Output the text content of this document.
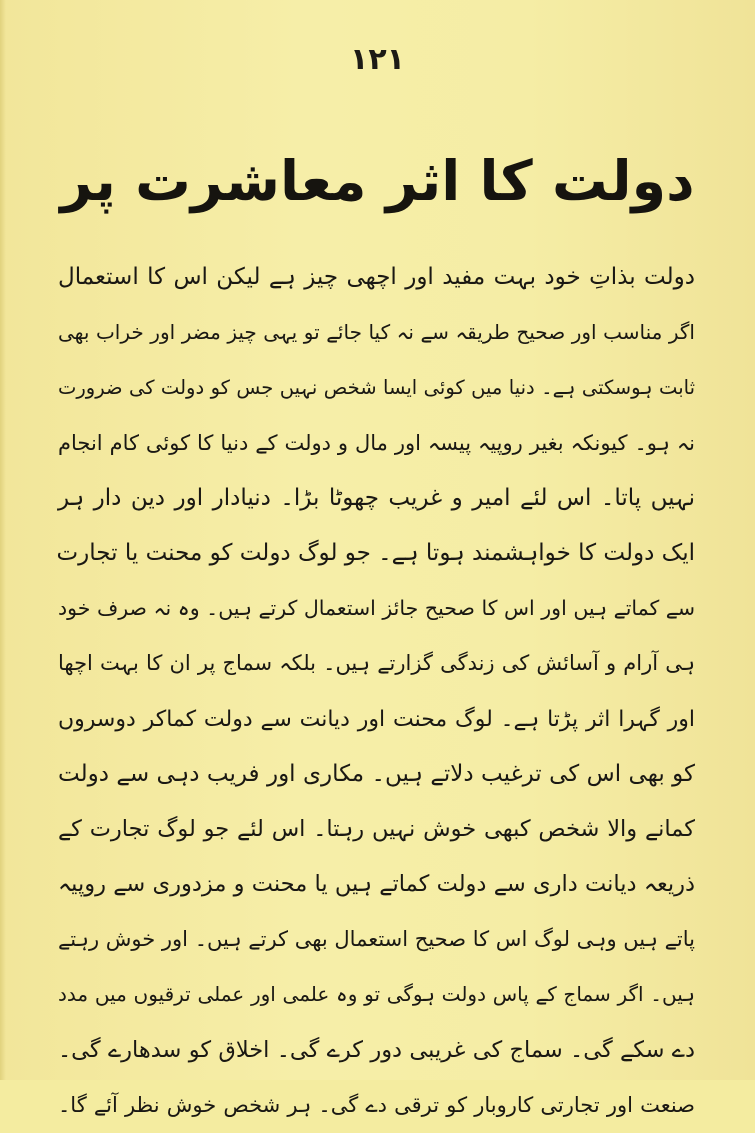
۱۲۱
دولت کا اثر معاشرت پر
دولت بذاتِ خود بہت مفید اور اچھی چیز ہے لیکن اس کا استعمال
اگر مناسب اور صحیح طریقہ سے نہ کیا جائے تو یہی چیز مضر اور خراب بھی
ثابت ہوسکتی ہے۔ دنیا میں کوئی ایسا شخص نہیں جس کو دولت کی ضرورت
نہ ہو۔ کیونکہ بغیر روپیہ پیسہ اور مال و دولت کے دنیا کا کوئی کام انجام
نہیں پاتا۔ اس لئے امیر و غریب چھوٹا بڑا۔ دنیادار اور دین دار ہر
ایک دولت کا خواہشمند ہوتا ہے۔ جو لوگ دولت کو محنت یا تجارت
سے کماتے ہیں اور اس کا صحیح جائز استعمال کرتے ہیں۔ وہ نہ صرف خود
ہی آرام و آسائش کی زندگی گزارتے ہیں۔ بلکہ سماج پر ان کا بہت اچھا
اور گہرا اثر پڑتا ہے۔ لوگ محنت اور دیانت سے دولت کماکر دوسروں
کو بھی اس کی ترغیب دلاتے ہیں۔ مکاری اور فریب دہی سے دولت
کمانے والا شخص کبھی خوش نہیں رہتا۔ اس لئے جو لوگ تجارت کے
ذریعہ دیانت داری سے دولت کماتے ہیں یا محنت و مزدوری سے روپیہ
پاتے ہیں وہی لوگ اس کا صحیح استعمال بھی کرتے ہیں۔ اور خوش رہتے
ہیں۔ اگر سماج کے پاس دولت ہوگی تو وہ علمی اور عملی ترقیوں میں مدد
دے سکے گی۔ سماج کی غریبی دور کرے گی۔ اخلاق کو سدھارے گی۔
صنعت اور تجارتی کاروبار کو ترقی دے گی۔ ہر شخص خوش نظر آئے گا۔
